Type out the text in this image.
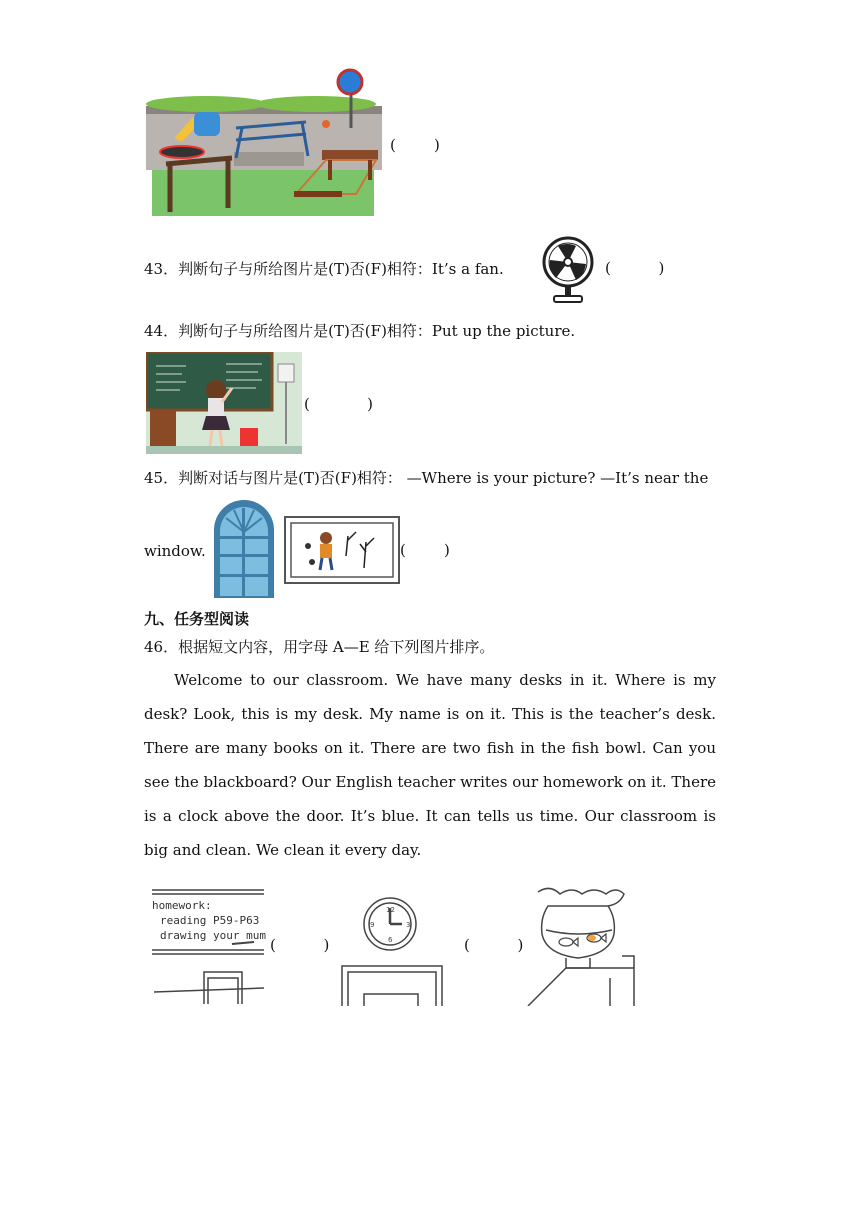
(        )
43．判断句子与所给图片是(T)否(F)相符：It’s a fan.	(          )
44．判断句子与所给图片是(T)否(F)相符：Put up the picture.
(            )
45．判断对话与图片是(T)否(F)相符： —Where is your picture? —It’s near the
window.	(        )
九、任务型阅读
46．根据短文内容，用字母 A—E 给下列图片排序。

Welcome to our classroom. We have many desks in it. Where is my desk? Look, this is my desk. My name is on it. This is the teacher’s desk. There are many books on it. There are two fish in the fish bowl. Can you see the blackboard? Our English teacher writes our homework on it. There is a clock above the door. It’s blue. It can tells us time. Our classroom is big and clean. We clean it every day.

homework:
reading P59-P63
drawing your mum
(          )
12
3
6
9
(          )
